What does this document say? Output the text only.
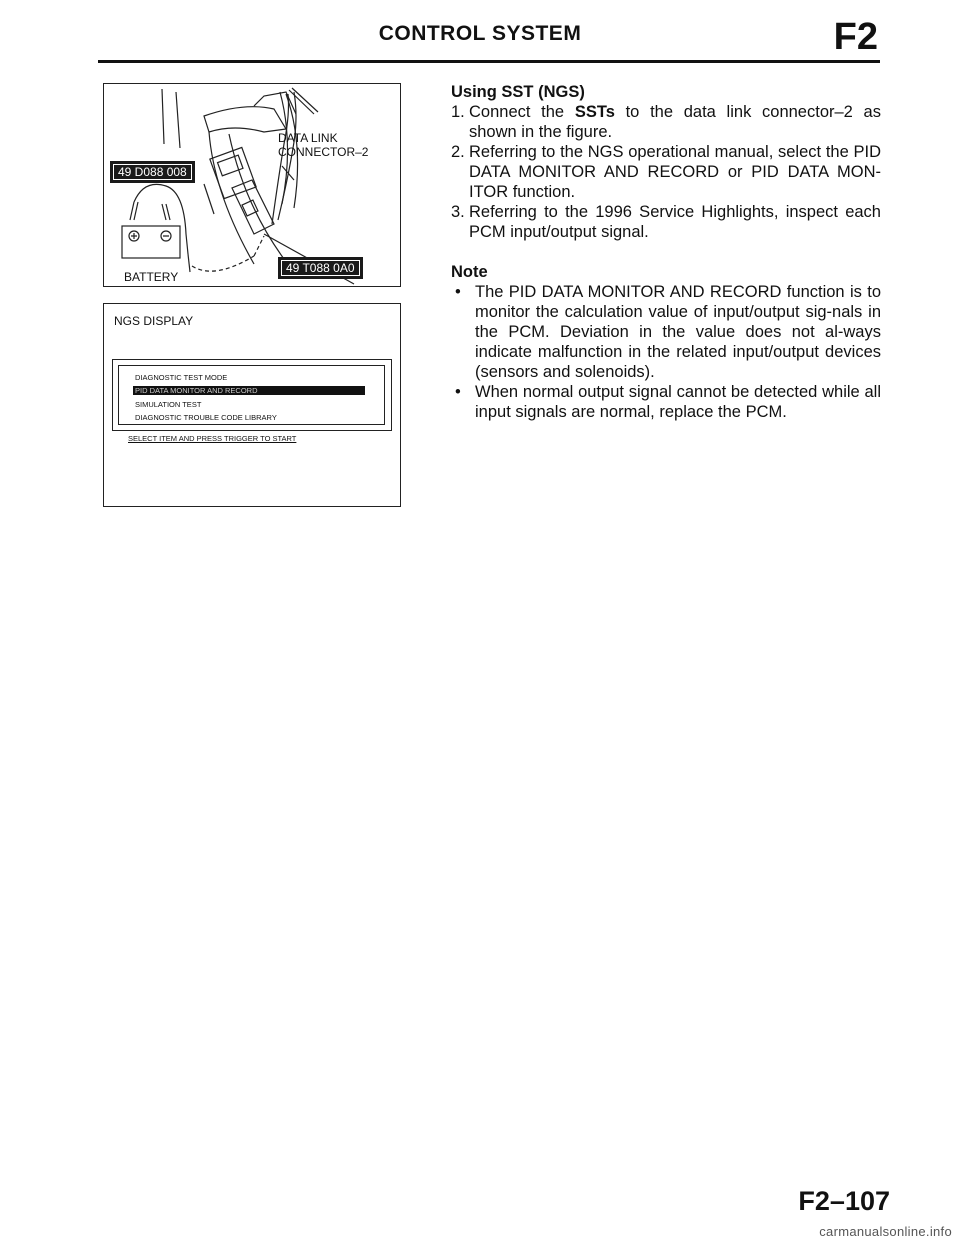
CONTROL SYSTEM	F2
DATA LINK
CONNECTOR–2
49 D088 008
49 T088 0A0
BATTERY
NGS DISPLAY
DIAGNOSTIC TEST MODE
PID DATA MONITOR AND RECORD
SIMULATION TEST
DIAGNOSTIC TROUBLE CODE LIBRARY
SELECT ITEM AND PRESS TRIGGER TO START
Using SST (NGS)
1. Connect the SSTs to the data link connector–2 as shown in the figure.
2. Referring to the NGS operational manual, select the PID DATA MONITOR AND RECORD or PID DATA MON-ITOR function.
3. Referring to the 1996 Service Highlights, inspect each PCM input/output signal.
Note
• The PID DATA MONITOR AND RECORD function is to monitor the calculation value of input/output sig-nals in the PCM. Deviation in the value does not al-ways indicate malfunction in the related input/output devices (sensors and solenoids).
• When normal output signal cannot be detected while all input signals are normal, replace the PCM.
F2–107
carmanualsonline.info
